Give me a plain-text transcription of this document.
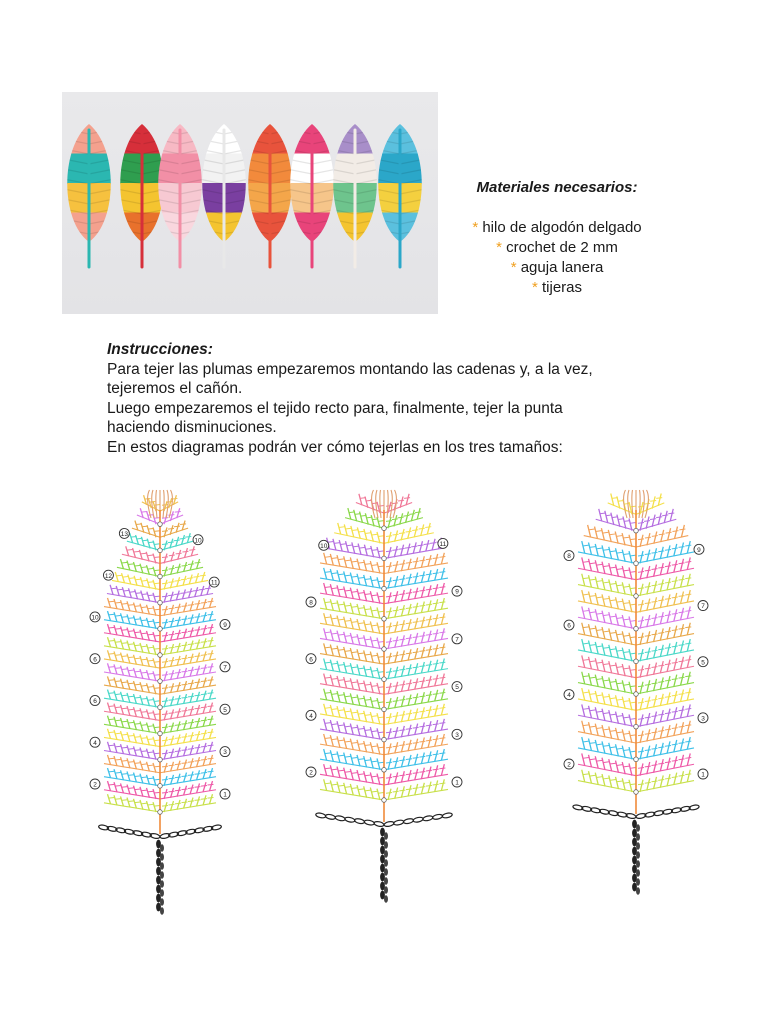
Materiales necesarios:
* hilo de algodón delgado
* crochet de 2 mm
* aguja lanera
* tijeras
Instrucciones:

Para tejer las plumas empezaremos montando las cadenas y, a la vez,

tejeremos el cañón.

Luego empezaremos el tejido recto para, finalmente, tejer la punta

haciendo disminuciones.

En estos diagramas podrán ver cómo tejerlas en los tres tamaños:

1
3
5
7
9
11
10
2
4
6
6
10
12
13
1
3
5
7
9
11
2
4
6
8
10
1
3
5
7
9
2
4
6
8
